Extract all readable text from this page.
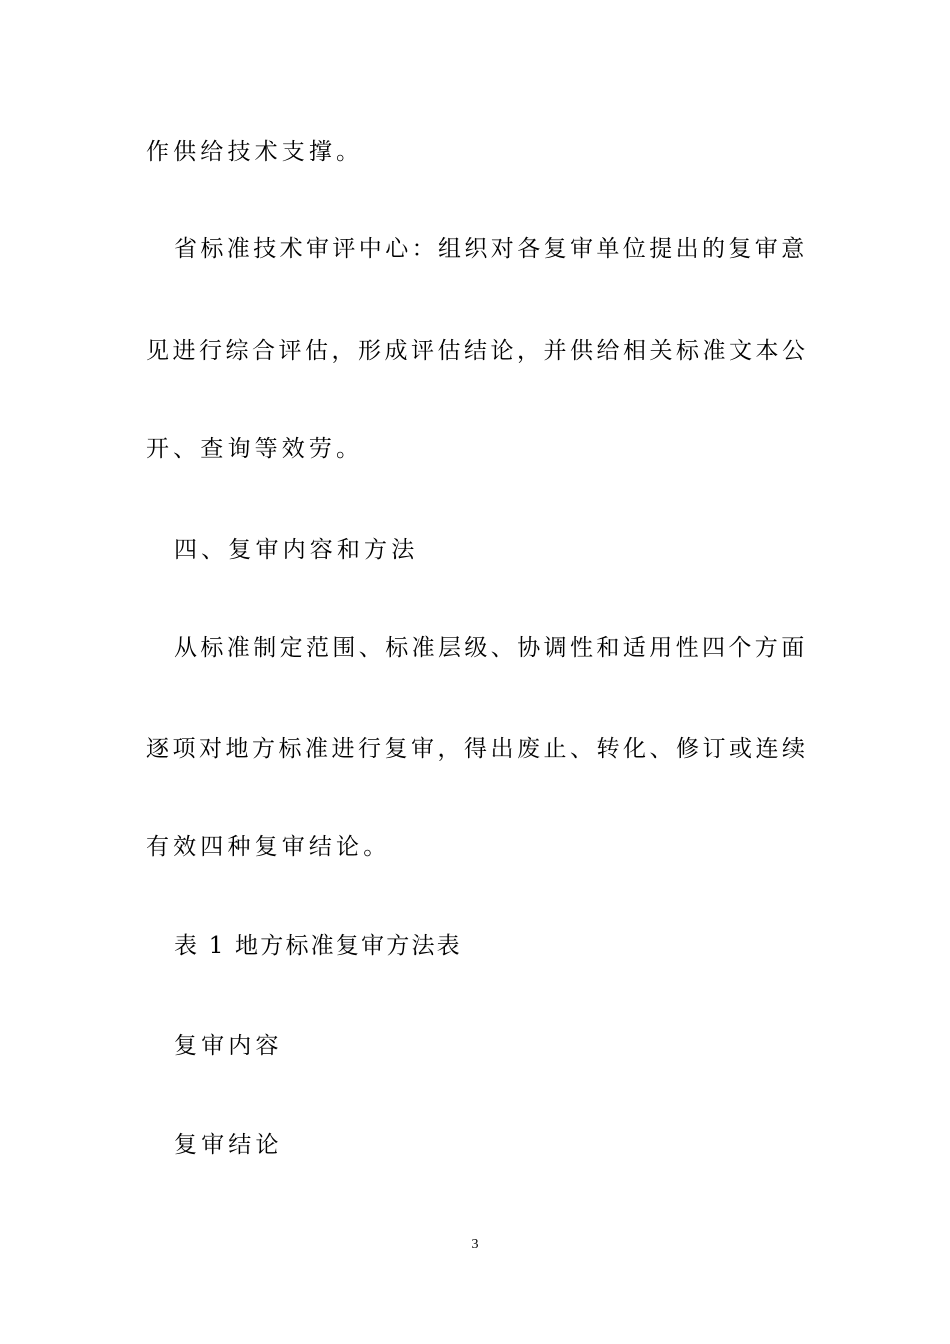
作供给技术支撑。
省标准技术审评中心：组织对各复审单位提出的复审意
见进行综合评估，形成评估结论，并供给相关标准文本公
开、查询等效劳。
四、复审内容和方法
从标准制定范围、标准层级、协调性和适用性四个方面
逐项对地方标准进行复审，得出废止、转化、修订或连续
有效四种复审结论。
表 1 地方标准复审方法表
复审内容
复审结论
3
